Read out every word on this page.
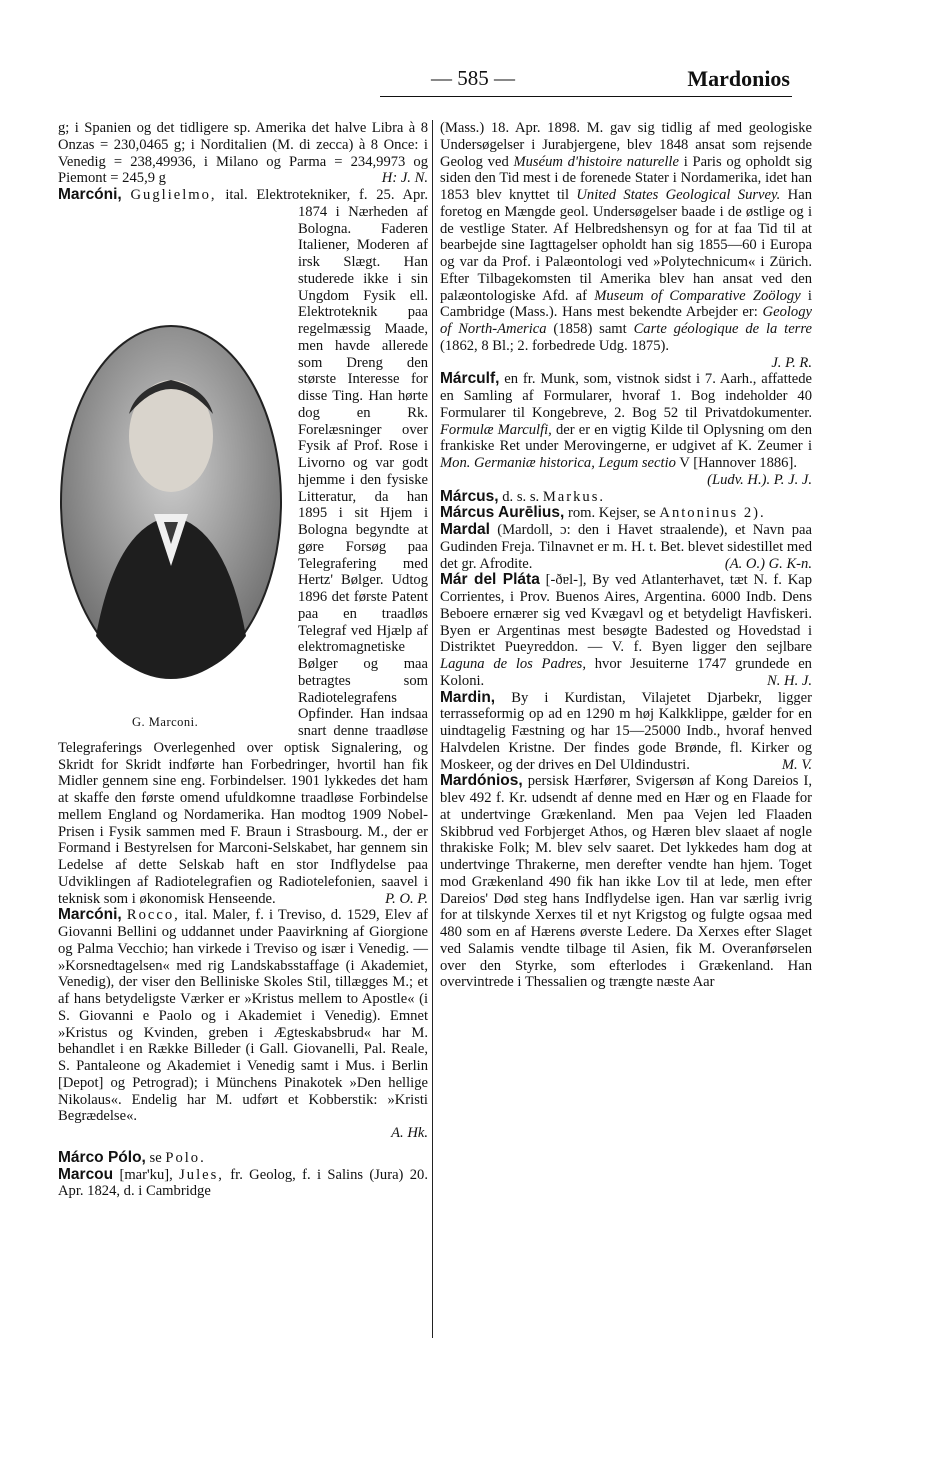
— 585 —	Mardonios

g; i Spanien og det tidligere sp. Amerika det halve Libra à 8 Onzas = 230,0465 g; i Norditalien (M. di zecca) à 8 Once: i Venedig = 238,49936, i Milano og Parma = 234,9973 og Piemont = 245,9 g	H: J. N.

Marcóni, Guglielmo,
G. Marconi.
ital. Elektrotekniker, f. 25. Apr. 1874 i Nærheden af Bologna. Faderen Italiener, Moderen af irsk Slægt. Han studerede ikke i sin Ungdom Fysik ell. Elektroteknik paa regelmæssig Maade, men havde allerede som Dreng den største Interesse for disse Ting. Han hørte dog en Rk. Forelæsninger over Fysik af Prof. Rose i Livorno og var godt hjemme i den fysiske Litteratur, da han 1895 i sit Hjem i Bologna begyndte at gøre Forsøg paa Telegrafering med Hertz' Bølger. Udtog 1896 det første Patent paa en traadløs Telegraf ved Hjælp af elektromagnetiske Bølger og maa betragtes som Radiotelegrafens Opfinder. Han indsaa snart denne traadløse Telegraferings Overlegenhed over optisk Signalering, og Skridt for Skridt indførte han Forbedringer, hvortil han fik Midler gennem sine eng. Forbindelser. 1901 lykkedes det ham at skaffe den første omend ufuldkomne traadløse Forbindelse mellem England og Nordamerika. Han modtog 1909 Nobel-Prisen i Fysik sammen med F. Braun i Strasbourg. M., der er Formand i Bestyrelsen for Marconi-Selskabet, har gennem sin Ledelse af dette Selskab haft en stor Indflydelse paa Udviklingen af Radiotelegrafien og Radiotelefonien, saavel i teknisk som i økonomisk Henseende.	P. O. P.

Marcóni, Rocco, ital. Maler, f. i Treviso, d. 1529, Elev af Giovanni Bellini og uddannet under Paavirkning af Giorgione og Palma Vecchio; han virkede i Treviso og især i Venedig. — »Korsnedtagelsen« med rig Landskabsstaffage (i Akademiet, Venedig), der viser den Belliniske Skoles Stil, tillægges M.; et af hans betydeligste Værker er »Kristus mellem to Apostle« (i S. Giovanni e Paolo og i Akademiet i Venedig). Emnet »Kristus og Kvinden, greben i Ægteskabsbrud« har M. behandlet i en Række Billeder (i Gall. Giovanelli, Pal. Reale, S. Pantaleone og Akademiet i Venedig samt i Mus. i Berlin [Depot] og Petrograd); i Münchens Pinakotek »Den hellige Nikolaus«. Endelig har M. udført et Kobberstik: »Kristi Begrædelse«.

A. Hk.

Márco Pólo, se Polo.

Marcou [mar'ku], Jules, fr. Geolog, f. i Salins (Jura) 20. Apr. 1824, d. i Cambridge

(Mass.) 18. Apr. 1898. M. gav sig tidlig af med geologiske Undersøgelser i Jurabjergene, blev 1848 ansat som rejsende Geolog ved Muséum d'histoire naturelle i Paris og opholdt sig siden den Tid mest i de forenede Stater i Nordamerika, idet han 1853 blev knyttet til United States Geological Survey. Han foretog en Mængde geol. Undersøgelser baade i de østlige og i de vestlige Stater. Af Helbredshensyn og for at faa Tid til at bearbejde sine Iagttagelser opholdt han sig 1855—60 i Europa og var da Prof. i Palæontologi ved »Polytechnicum« i Zürich. Efter Tilbagekomsten til Amerika blev han ansat ved den palæontologiske Afd. af Museum of Comparative Zoölogy i Cambridge (Mass.). Hans mest bekendte Arbejder er: Geology of North-America (1858) samt Carte géologique de la terre (1862, 8 Bl.; 2. forbedrede Udg. 1875).

J. P. R.

Márculf, en fr. Munk, som, vistnok sidst i 7. Aarh., affattede en Samling af Formularer, hvoraf 1. Bog indeholder 40 Formularer til Kongebreve, 2. Bog 52 til Privatdokumenter. Formulæ Marculfi, der er en vigtig Kilde til Oplysning om den frankiske Ret under Merovingerne, er udgivet af K. Zeumer i Mon. Germaniæ historica, Legum sectio V [Hannover 1886].
(Ludv. H.). P. J. J.

Márcus, d. s. s. Markus.

Márcus Aurēlius, rom. Kejser, se Antoninus 2).

Mardal (Mardoll, ɔ: den i Havet straalende), et Navn paa Gudinden Freja. Tilnavnet er m. H. t. Bet. blevet sidestillet med det gr. Afrodite.	(A. O.) G. K-n.

Már del Pláta [-ðɐl-], By ved Atlanterhavet, tæt N. f. Kap Corrientes, i Prov. Buenos Aires, Argentina. 6000 Indb. Dens Beboere ernærer sig ved Kvægavl og et betydeligt Havfiskeri. Byen er Argentinas mest besøgte Badested og Hovedstad i Distriktet Pueyreddon. — V. f. Byen ligger den sejlbare Laguna de los Padres, hvor Jesuiterne 1747 grundede en Koloni.	N. H. J.

Mardin, By i Kurdistan, Vilajetet Djarbekr, ligger terrasseformig op ad en 1290 m høj Kalkklippe, gælder for en uindtagelig Fæstning og har 15—25000 Indb., hvoraf henved Halvdelen Kristne. Der findes gode Brønde, fl. Kirker og Moskeer, og der drives en Del Uldindustri.	M. V.

Mardónios, persisk Hærfører, Svigersøn af Kong Dareios I, blev 492 f. Kr. udsendt af denne med en Hær og en Flaade for at undertvinge Grækenland. Men paa Vejen led Flaaden Skibbrud ved Forbjerget Athos, og Hæren blev slaaet af nogle thrakiske Folk; M. blev selv saaret. Det lykkedes ham dog at undertvinge Thrakerne, men derefter vendte han hjem. Toget mod Grækenland 490 fik han ikke Lov til at lede, men efter Dareios' Død steg hans Indflydelse igen. Han var særlig ivrig for at tilskynde Xerxes til et nyt Krigstog og fulgte ogsaa med 480 som en af Hærens øverste Ledere. Da Xerxes efter Slaget ved Salamis vendte tilbage til Asien, fik M. Overanførselen over den Styrke, som efterlodes i Grækenland. Han overvintrede i Thessalien og trængte næste Aar
